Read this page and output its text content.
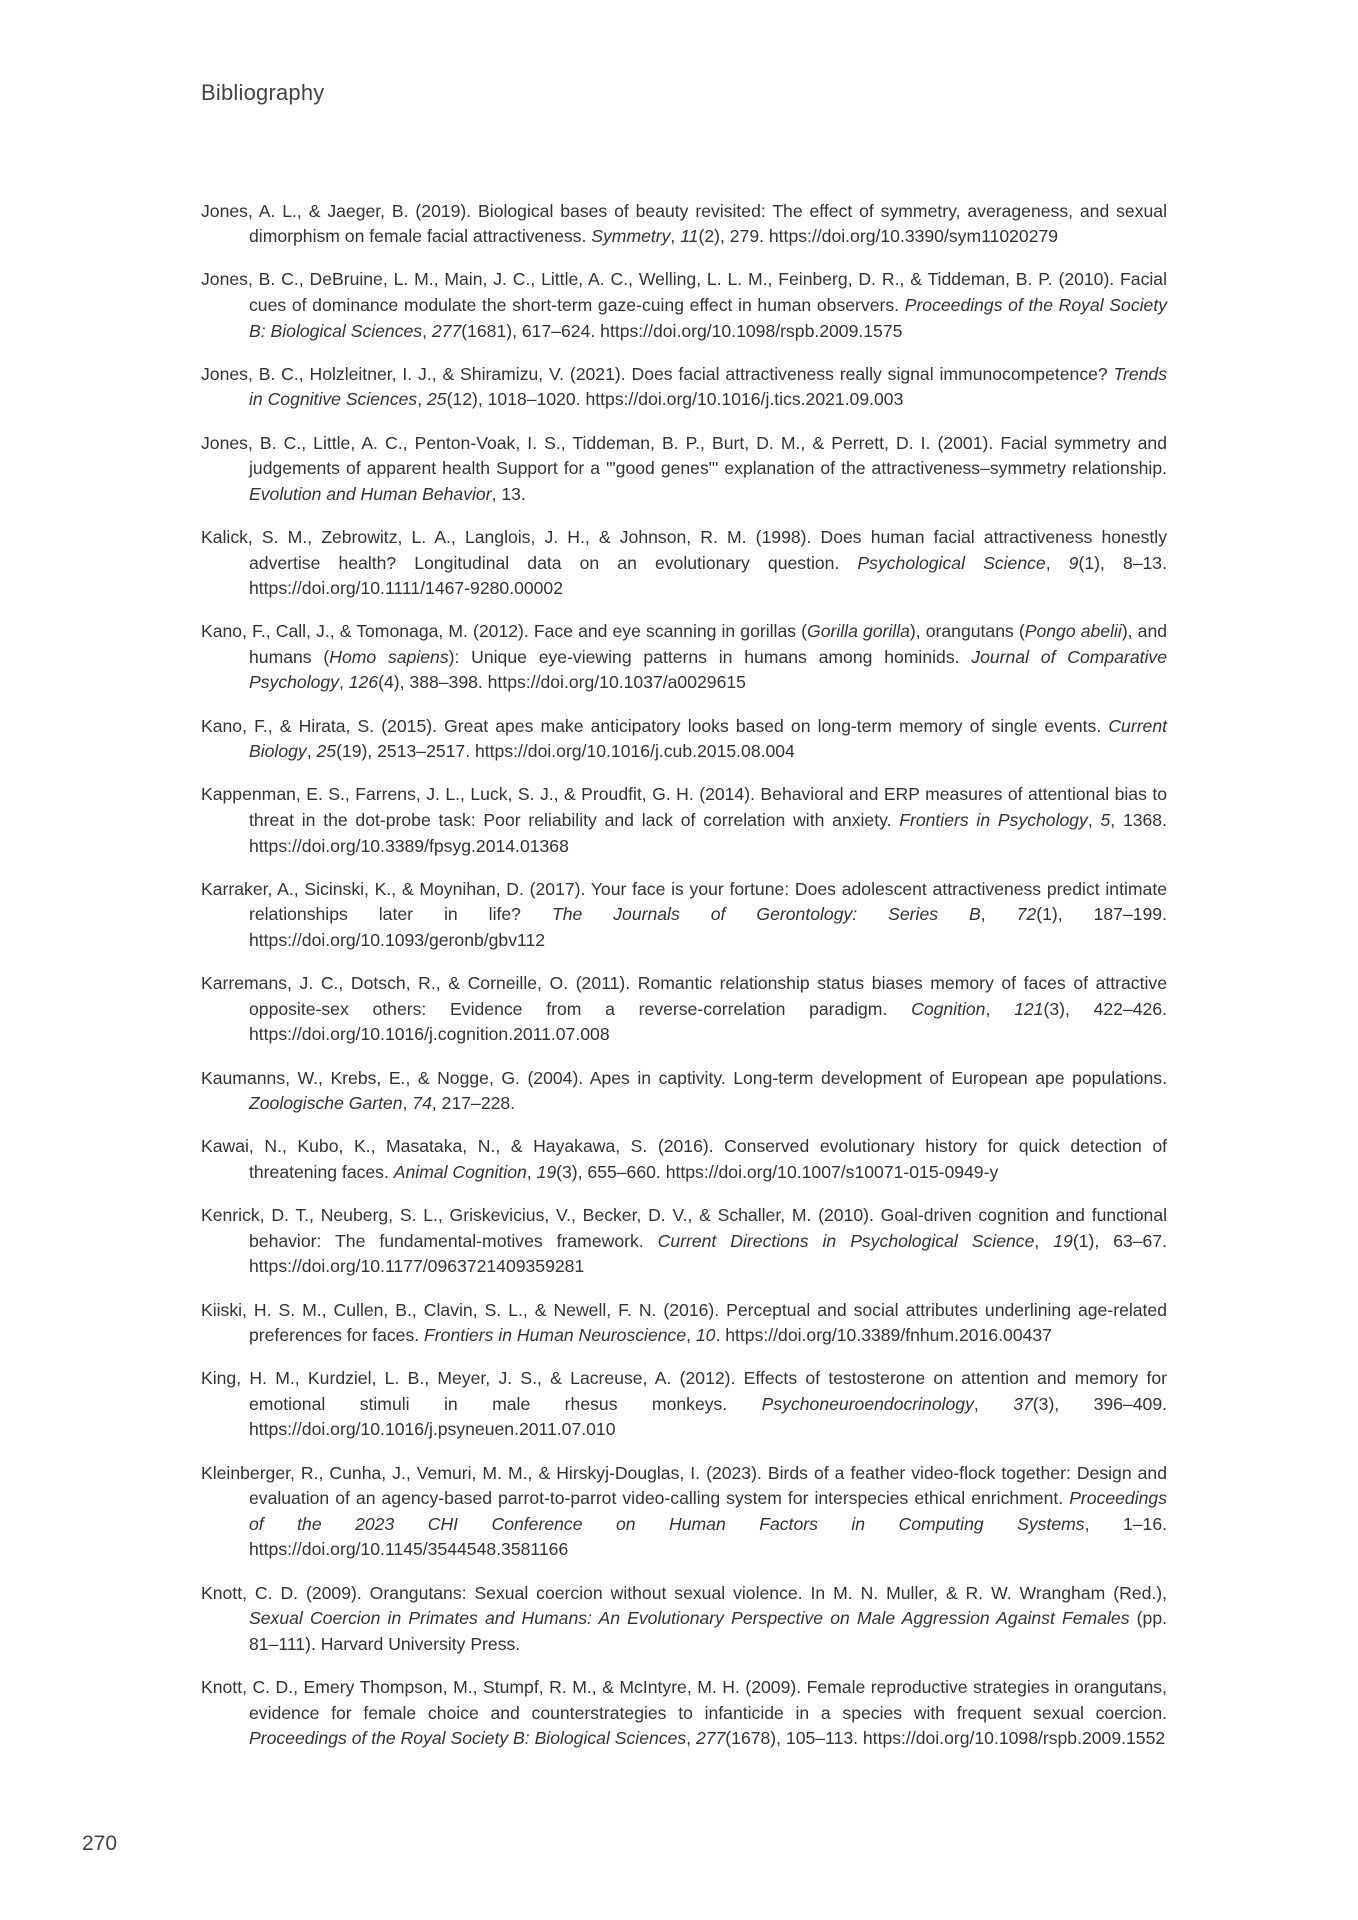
Bibliography

Jones, A. L., & Jaeger, B. (2019). Biological bases of beauty revisited: The effect of symmetry, averageness, and sexual dimorphism on female facial attractiveness. Symmetry, 11(2), 279. https://doi.org/10.3390/sym11020279

Jones, B. C., DeBruine, L. M., Main, J. C., Little, A. C., Welling, L. L. M., Feinberg, D. R., & Tiddeman, B. P. (2010). Facial cues of dominance modulate the short-term gaze-cuing effect in human observers. Proceedings of the Royal Society B: Biological Sciences, 277(1681), 617–624. https://doi.org/10.1098/rspb.2009.1575

Jones, B. C., Holzleitner, I. J., & Shiramizu, V. (2021). Does facial attractiveness really signal immunocompetence? Trends in Cognitive Sciences, 25(12), 1018–1020. https://doi.org/10.1016/j.tics.2021.09.003

Jones, B. C., Little, A. C., Penton-Voak, I. S., Tiddeman, B. P., Burt, D. M., & Perrett, D. I. (2001). Facial symmetry and judgements of apparent health Support for a '"good genes"' explanation of the attractiveness–symmetry relationship. Evolution and Human Behavior, 13.

Kalick, S. M., Zebrowitz, L. A., Langlois, J. H., & Johnson, R. M. (1998). Does human facial attractiveness honestly advertise health? Longitudinal data on an evolutionary question. Psychological Science, 9(1), 8–13. https://doi.org/10.1111/1467-9280.00002

Kano, F., Call, J., & Tomonaga, M. (2012). Face and eye scanning in gorillas (Gorilla gorilla), orangutans (Pongo abelii), and humans (Homo sapiens): Unique eye-viewing patterns in humans among hominids. Journal of Comparative Psychology, 126(4), 388–398. https://doi.org/10.1037/a0029615

Kano, F., & Hirata, S. (2015). Great apes make anticipatory looks based on long-term memory of single events. Current Biology, 25(19), 2513–2517. https://doi.org/10.1016/j.cub.2015.08.004

Kappenman, E. S., Farrens, J. L., Luck, S. J., & Proudfit, G. H. (2014). Behavioral and ERP measures of attentional bias to threat in the dot-probe task: Poor reliability and lack of correlation with anxiety. Frontiers in Psychology, 5, 1368. https://doi.org/10.3389/fpsyg.2014.01368

Karraker, A., Sicinski, K., & Moynihan, D. (2017). Your face is your fortune: Does adolescent attractiveness predict intimate relationships later in life? The Journals of Gerontology: Series B, 72(1), 187–199. https://doi.org/10.1093/geronb/gbv112

Karremans, J. C., Dotsch, R., & Corneille, O. (2011). Romantic relationship status biases memory of faces of attractive opposite-sex others: Evidence from a reverse-correlation paradigm. Cognition, 121(3), 422–426. https://doi.org/10.1016/j.cognition.2011.07.008

Kaumanns, W., Krebs, E., & Nogge, G. (2004). Apes in captivity. Long-term development of European ape populations. Zoologische Garten, 74, 217–228.

Kawai, N., Kubo, K., Masataka, N., & Hayakawa, S. (2016). Conserved evolutionary history for quick detection of threatening faces. Animal Cognition, 19(3), 655–660. https://doi.org/10.1007/s10071-015-0949-y

Kenrick, D. T., Neuberg, S. L., Griskevicius, V., Becker, D. V., & Schaller, M. (2010). Goal-driven cognition and functional behavior: The fundamental-motives framework. Current Directions in Psychological Science, 19(1), 63–67. https://doi.org/10.1177/0963721409359281

Kiiski, H. S. M., Cullen, B., Clavin, S. L., & Newell, F. N. (2016). Perceptual and social attributes underlining age-related preferences for faces. Frontiers in Human Neuroscience, 10. https://doi.org/10.3389/fnhum.2016.00437

King, H. M., Kurdziel, L. B., Meyer, J. S., & Lacreuse, A. (2012). Effects of testosterone on attention and memory for emotional stimuli in male rhesus monkeys. Psychoneuroendocrinology, 37(3), 396–409. https://doi.org/10.1016/j.psyneuen.2011.07.010

Kleinberger, R., Cunha, J., Vemuri, M. M., & Hirskyj-Douglas, I. (2023). Birds of a feather video-flock together: Design and evaluation of an agency-based parrot-to-parrot video-calling system for interspecies ethical enrichment. Proceedings of the 2023 CHI Conference on Human Factors in Computing Systems, 1–16. https://doi.org/10.1145/3544548.3581166

Knott, C. D. (2009). Orangutans: Sexual coercion without sexual violence. In M. N. Muller, & R. W. Wrangham (Red.), Sexual Coercion in Primates and Humans: An Evolutionary Perspective on Male Aggression Against Females (pp. 81–111). Harvard University Press.

Knott, C. D., Emery Thompson, M., Stumpf, R. M., & McIntyre, M. H. (2009). Female reproductive strategies in orangutans, evidence for female choice and counterstrategies to infanticide in a species with frequent sexual coercion. Proceedings of the Royal Society B: Biological Sciences, 277(1678), 105–113. https://doi.org/10.1098/rspb.2009.1552

270
